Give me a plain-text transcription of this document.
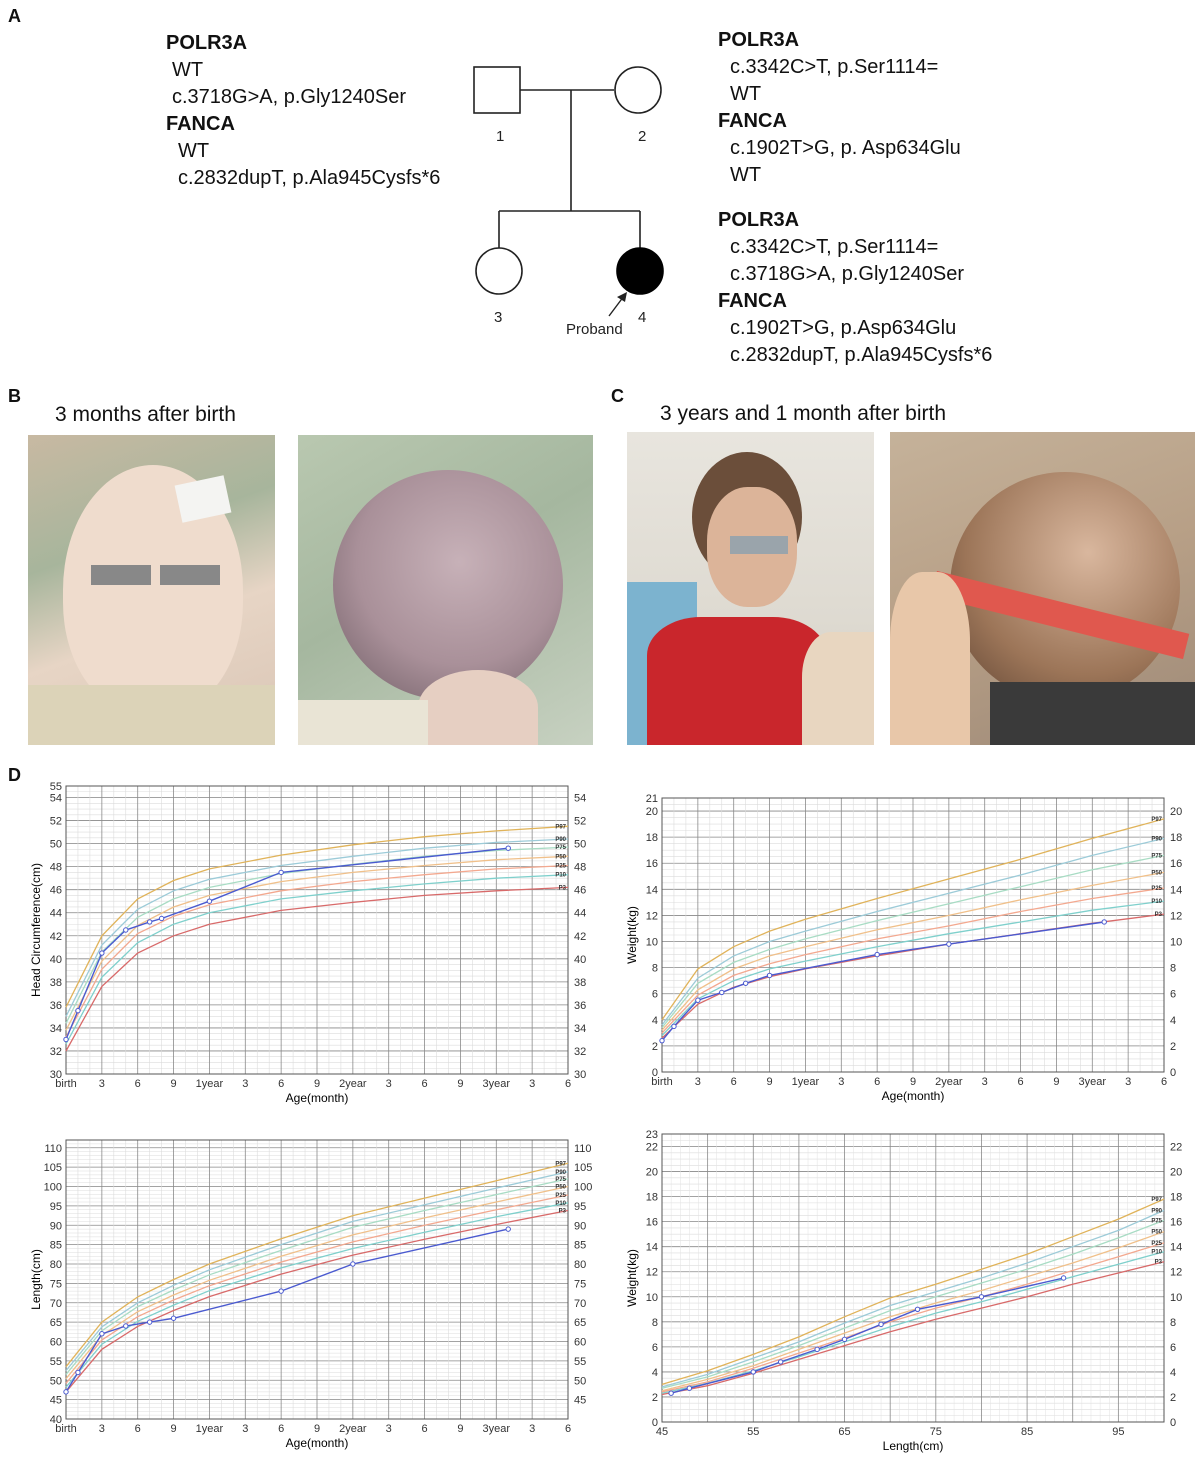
A
POLR3A
WT
c.3718G>A, p.Gly1240Ser
FANCA
WT
c.2832dupT, p.Ala945Cysfs*6
POLR3A
c.3342C>T, p.Ser1114=
WT
FANCA
c.1902T>G, p. Asp634Glu
WT
POLR3A
c.3342C>T, p.Ser1114=
c.3718G>A, p.Gly1240Ser
FANCA
c.1902T>G, p.Asp634Glu
c.2832dupT, p.Ala945Cysfs*6
1	2
3	4
Proband
B
3 months after birth
C
3 years and 1 month after birth
D
30
32
34
36
38
40
42
44
46
48
50
52
54
55
30
32
34
36
38
40
42
44
46
48
50
52
54
birth 3	6	9 1year 3	6	9 2year 3	6	9 3year 3	6
P97
P90
P75
P50
P25
P10
P3
Head Circumference(cm)
Age(month)
0
2
4
6
8
10
12
14
16
18
20
21
0
2
4
6
8
10
12
14
16
18
20
birth 3	6	9 1year 3	6	9 2year 3	6	9 3year 3	6
P97
P90
P75
P50
P25
P10
P3
Weight(kg)
Age(month)
40
45
50
55
60
65
70
75
80
85
90
95
100
105
110
45
50
55
60
65
70
75
80
85
90
95
100
105
110
birth 3	6	9 1year 3	6	9 2year 3	6	9 3year 3	6
P97
P90
P75
P50
P25
P10
P3
Length(cm)
Age(month)
0
2
4
6
8
10
12
14
16
18
20
22
23
0
2
4
6
8
10
12
14
16
18
20
22
45	55	65	75	85	95
P97
P90
P75
P50
P25
P10
P3
Weight(kg)
Length(cm)
